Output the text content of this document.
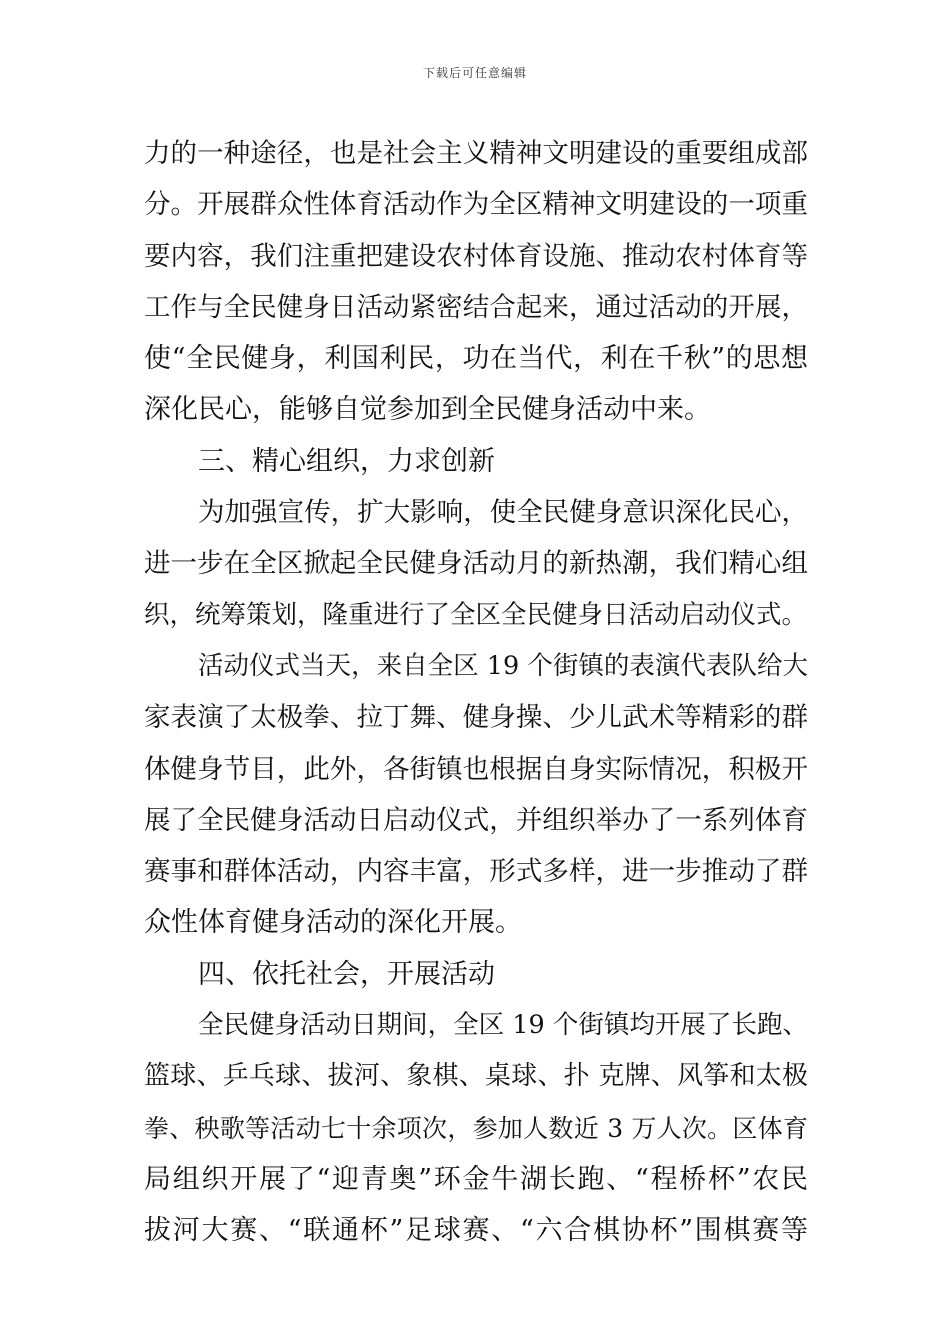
下载后可任意编辑
力的一种途径，也是社会主义精神文明建设的重要组成部
分。开展群众性体育活动作为全区精神文明建设的一项重
要内容，我们注重把建设农村体育设施、推动农村体育等
工作与全民健身日活动紧密结合起来，通过活动的开展，
使“全民健身，利国利民，功在当代，利在千秋”的思想
深化民心，能够自觉参加到全民健身活动中来。
三、精心组织，力求创新
为加强宣传，扩大影响，使全民健身意识深化民心，
进一步在全区掀起全民健身活动月的新热潮，我们精心组
织，统筹策划，隆重进行了全区全民健身日活动启动仪式。
活动仪式当天，来自全区 19 个街镇的表演代表队给大
家表演了太极拳、拉丁舞、健身操、少儿武术等精彩的群
体健身节目，此外，各街镇也根据自身实际情况，积极开
展了全民健身活动日启动仪式，并组织举办了一系列体育
赛事和群体活动，内容丰富，形式多样，进一步推动了群
众性体育健身活动的深化开展。
四、依托社会，开展活动
全民健身活动日期间，全区 19 个街镇均开展了长跑、
篮球、乒乓球、拔河、象棋、桌球、扑 克牌、风筝和太极
拳、秧歌等活动七十余项次，参加人数近 3 万人次。区体育
局组织开展了“迎青奥”环金牛湖长跑、“程桥杯”农民
拔河大赛、“联通杯”足球赛、“六合棋协杯”围棋赛等
